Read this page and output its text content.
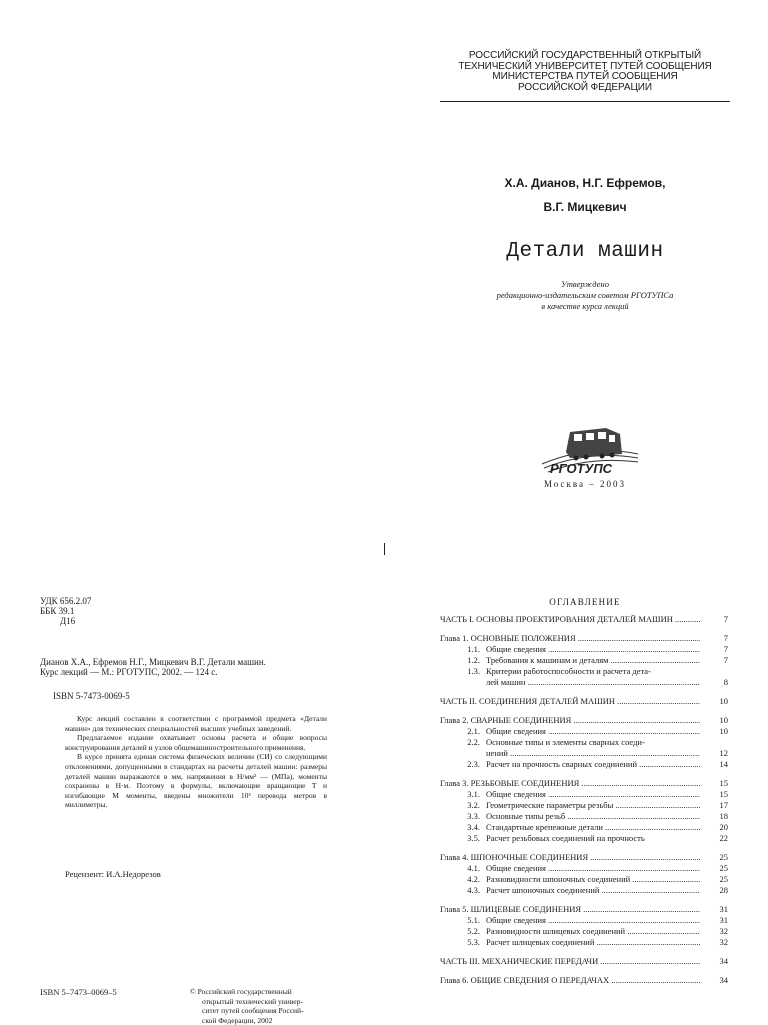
РОССИЙСКИЙ ГОСУДАРСТВЕННЫЙ ОТКРЫТЫЙ
ТЕХНИЧЕСКИЙ УНИВЕРСИТЕТ ПУТЕЙ СООБЩЕНИЯ
МИНИСТЕРСТВА ПУТЕЙ СООБЩЕНИЯ
РОССИЙСКОЙ ФЕДЕРАЦИИ
Х.А. Дианов, Н.Г. Ефремов,
В.Г. Мицкевич
Детали машин
Утверждено
редакционно-издательским советом РГОТУПСа
в качестве курса лекций
РГОТУПС
Москва – 2003
УДК 656.2.07
ББК 39.1
Д16
Дианов Х.А., Ефремов Н.Г., Мицкевич В.Г. Детали машин.
Курс лекций — М.: РГОТУПС, 2002. — 124 с.
ISBN 5-7473-0069-5

Курс лекций составлен в соответствии с программой предмета «Детали машин» для технических специальностей высших учебных заведений.

Предлагаемое издание охватывает основы расчета и общие вопросы конструирования деталей и узлов общемашиностроительного применения.

В курсе принята единая система физических величин (СИ) со следующими отклонениями, допущенными в стандартах на расчеты деталей машин: размеры деталей машин выражаются в мм, напряжения в Н/мм² — (МПа), моменты сохранены в Н·м. Поэтому в формулы, включающие вращающие Т и изгибающие М моменты, введены множители 10³ перевода метров в миллиметры.

Рецензент: И.А.Недорезов
ISBN 5–7473–0069–5	© Российский государственный
открытый технический универ-
ситет путей сообщения Россий-
ской Федерации, 2002
ОГЛАВЛЕНИЕ
ЧАСТЬ I. ОСНОВЫ ПРОЕКТИРОВАНИЯ ДЕТАЛЕЙ МАШИН .....	7
Глава 1. ОСНОВНЫЕ ПОЛОЖЕНИЯ .....	7
1.1. Общие сведения .....	7
1.2. Требования к машинам и деталям .....	7
1.3. Критерии работоспособности и расчета дета-
лей машин .....	8
ЧАСТЬ II. СОЕДИНЕНИЯ ДЕТАЛЕЙ МАШИН .....	10
Глава 2. СВАРНЫЕ СОЕДИНЕНИЯ .....	10
2.1. Общие сведения .....	10
2.2. Основные типы и элементы сварных соеди-
нений .....	12
2.3. Расчет на прочность сварных соединений .....	14
Глава 3. РЕЗЬБОВЫЕ СОЕДИНЕНИЯ .....	15
3.1. Общие сведения .....	15
3.2. Геометрические параметры резьбы .....	17
3.3. Основные типы резьб .....	18
3.4. Стандартные крепежные детали .....	20
3.5. Расчет резьбовых соединений на прочность	22
Глава 4. ШПОНОЧНЫЕ СОЕДИНЕНИЯ .....	25
4.1. Общие сведения .....	25
4.2. Разновидности шпоночных соединений .....	25
4.3. Расчет шпоночных соединений .....	28
Глава 5. ШЛИЦЕВЫЕ СОЕДИНЕНИЯ .....	31
5.1. Общие сведения .....	31
5.2. Разновидности шлицевых соединений .....	32
5.3. Расчет шлицевых соединений .....	32
ЧАСТЬ III. МЕХАНИЧЕСКИЕ ПЕРЕДАЧИ .....	34
Глава 6. ОБЩИЕ СВЕДЕНИЯ О ПЕРЕДАЧАХ .....	34
